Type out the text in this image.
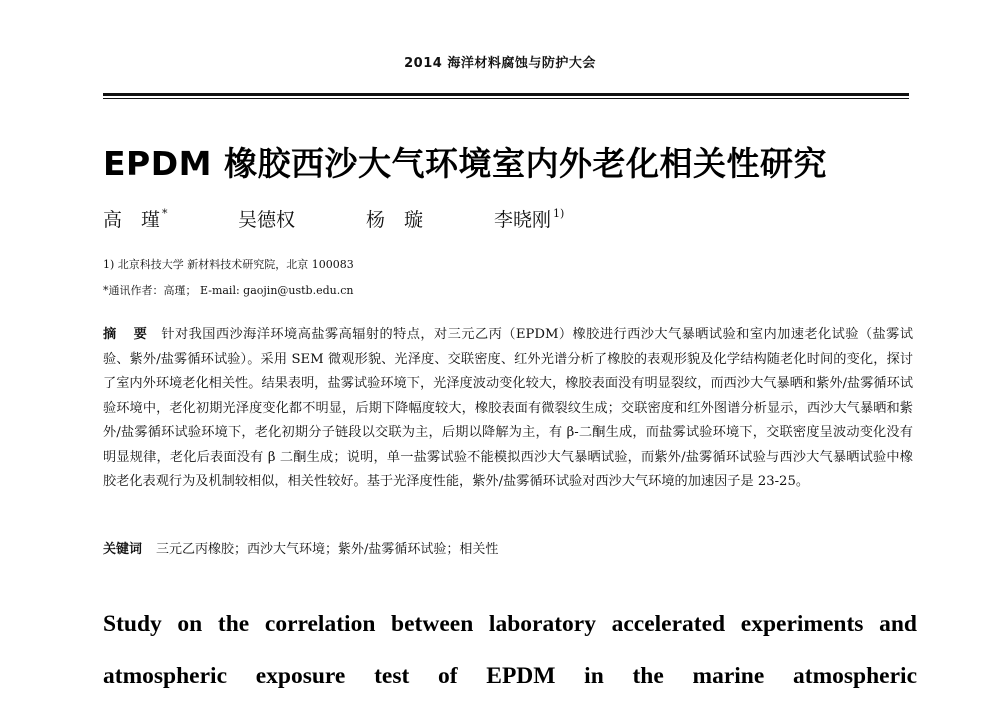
2014 海洋材料腐蚀与防护大会
EPDM 橡胶西沙大气环境室内外老化相关性研究
高　瑾 *	吴德权	杨　璇	李晓刚 $^{1)}$
1) 北京科技大学 新材料技术研究院，北京 100083
*通讯作者：高瑾； E-mail: gaojin@ustb.edu.cn
摘 要 针对我国西沙海洋环境高盐雾高辐射的特点，对三元乙丙（EPDM）橡胶进行西沙大气暴晒试验和室内加速老化试验（盐雾试验、紫外/盐雾循环试验）。采用 SEM 微观形貌、光泽度、交联密度、红外光谱分析了橡胶的表观形貌及化学结构随老化时间的变化，探讨了室内外环境老化相关性。结果表明，盐雾试验环境下，光泽度波动变化较大，橡胶表面没有明显裂纹，而西沙大气暴晒和紫外/盐雾循环试验环境中，老化初期光泽度变化都不明显，后期下降幅度较大，橡胶表面有微裂纹生成；交联密度和红外图谱分析显示，西沙大气暴晒和紫外/盐雾循环试验环境下，老化初期分子链段以交联为主，后期以降解为主，有 β-二酮生成，而盐雾试验环境下，交联密度呈波动变化没有明显规律，老化后表面没有 β 二酮生成；说明，单一盐雾试验不能模拟西沙大气暴晒试验，而紫外/盐雾循环试验与西沙大气暴晒试验中橡胶老化表观行为及机制较相似，相关性较好。基于光泽度性能，紫外/盐雾循环试验对西沙大气环境的加速因子是 23-25。
关键词 三元乙丙橡胶；西沙大气环境；紫外/盐雾循环试验；相关性
Study on the correlation between laboratory accelerated experiments and
atmospheric exposure test of EPDM in the marine atmospheric
